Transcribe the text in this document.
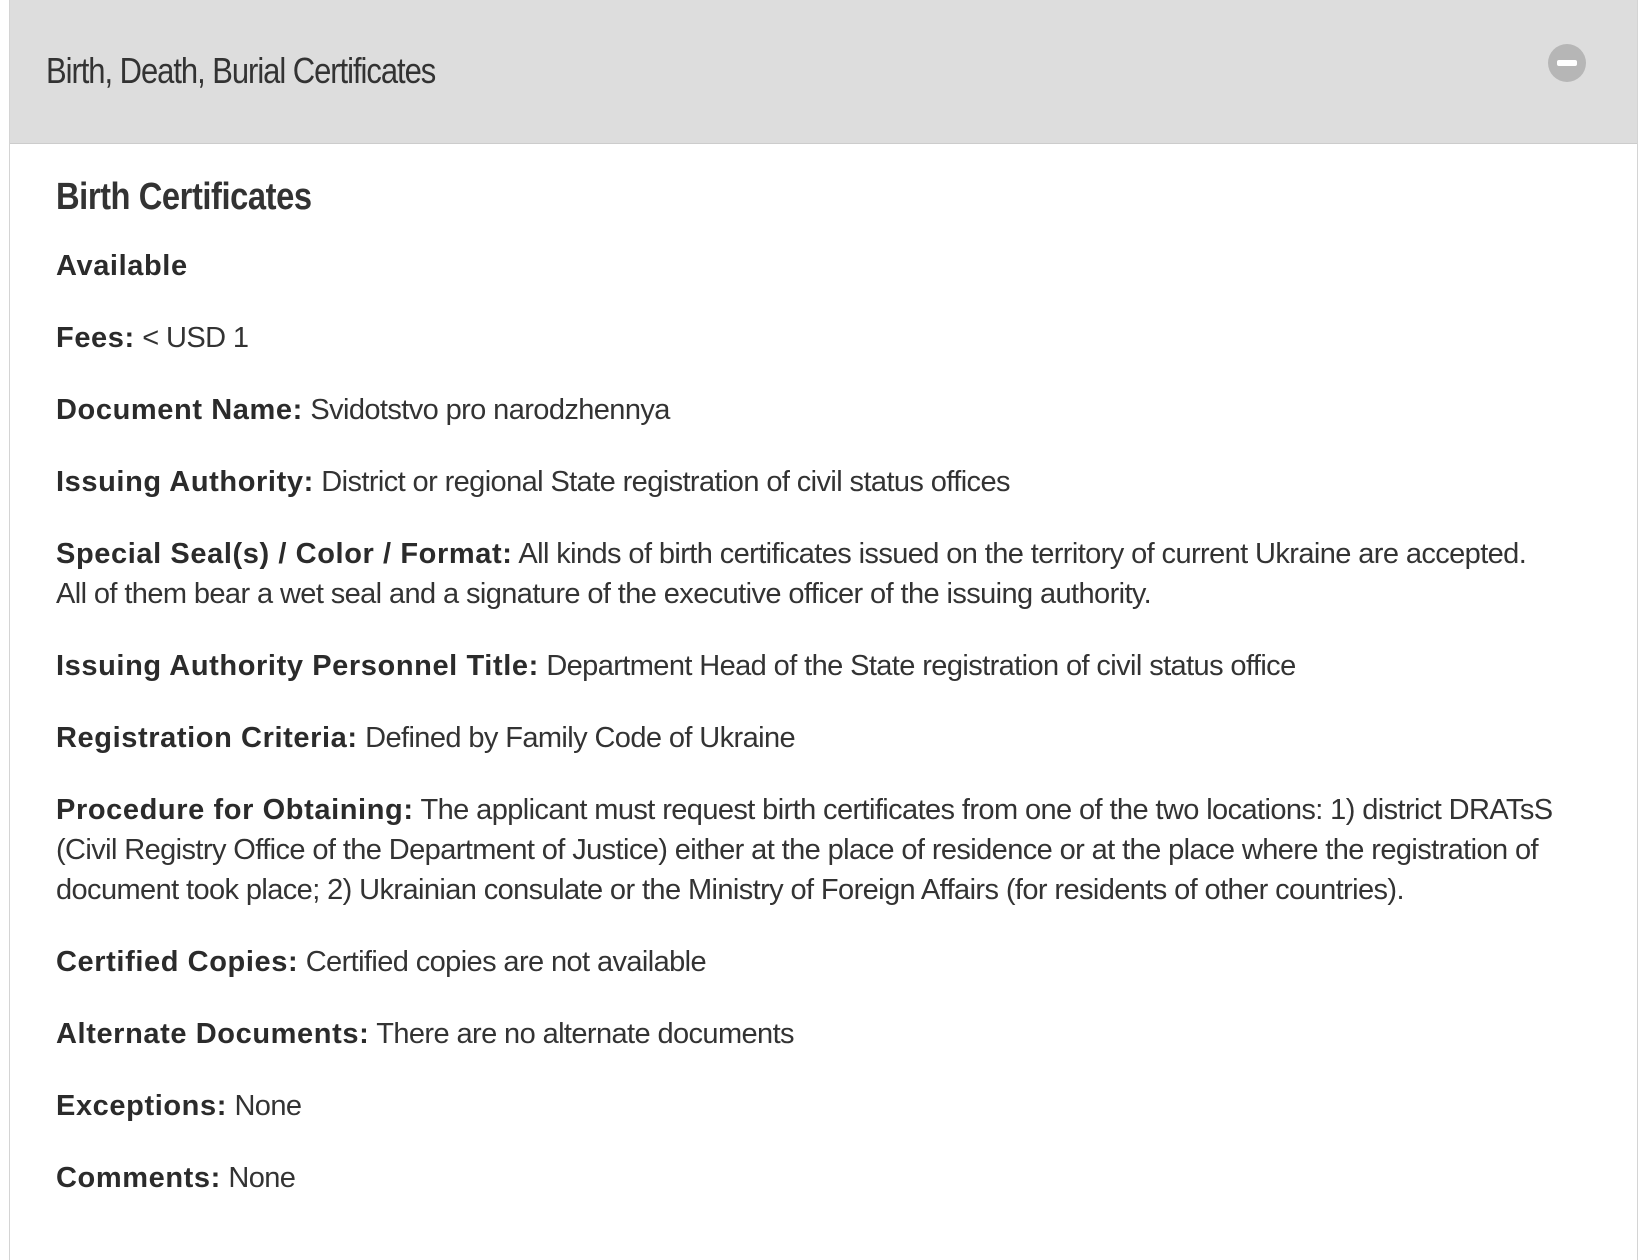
Birth, Death, Burial Certificates
Birth Certificates
Available
Fees: < USD 1
Document Name: Svidotstvo pro narodzhennya
Issuing Authority: District or regional State registration of civil status offices
Special Seal(s) / Color / Format: All kinds of birth certificates issued on the territory of current Ukraine are accepted. All of them bear a wet seal and a signature of the executive officer of the issuing authority.
Issuing Authority Personnel Title: Department Head of the State registration of civil status office
Registration Criteria: Defined by Family Code of Ukraine
Procedure for Obtaining: The applicant must request birth certificates from one of the two locations: 1) district DRATsS (Civil Registry Office of the Department of Justice) either at the place of residence or at the place where the registration of document took place; 2) Ukrainian consulate or the Ministry of Foreign Affairs (for residents of other countries).
Certified Copies: Certified copies are not available
Alternate Documents: There are no alternate documents
Exceptions: None
Comments: None
